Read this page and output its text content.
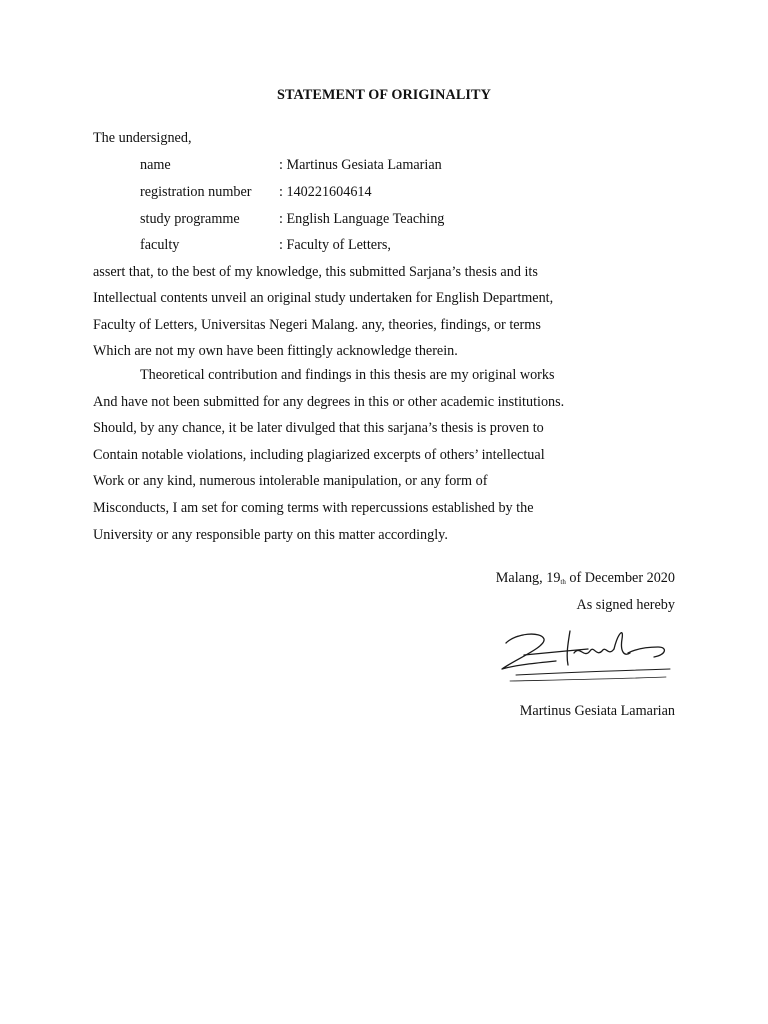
STATEMENT OF ORIGINALITY
The undersigned,
name	: Martinus Gesiata Lamarian
registration number : 140221604614
study programme	: English Language Teaching
faculty	: Faculty of Letters,
assert that, to the best of my knowledge, this submitted Sarjana’s thesis and its
Intellectual contents unveil an original study undertaken for English Department,
Faculty of Letters, Universitas Negeri Malang. any, theories, findings, or terms
Which are not my own have been fittingly acknowledge therein.
Theoretical contribution and findings in this thesis are my original works
And have not been submitted for any degrees in this or other academic institutions.
Should, by any chance, it be later divulged that this sarjana’s thesis is proven to
Contain notable violations, including plagiarized excerpts of others’ intellectual
Work or any kind, numerous intolerable manipulation, or any form of
Misconducts, I am set for coming terms with repercussions established by the
University or any responsible party on this matter accordingly.
Malang, 19th of December 2020
As signed hereby
Martinus Gesiata Lamarian
